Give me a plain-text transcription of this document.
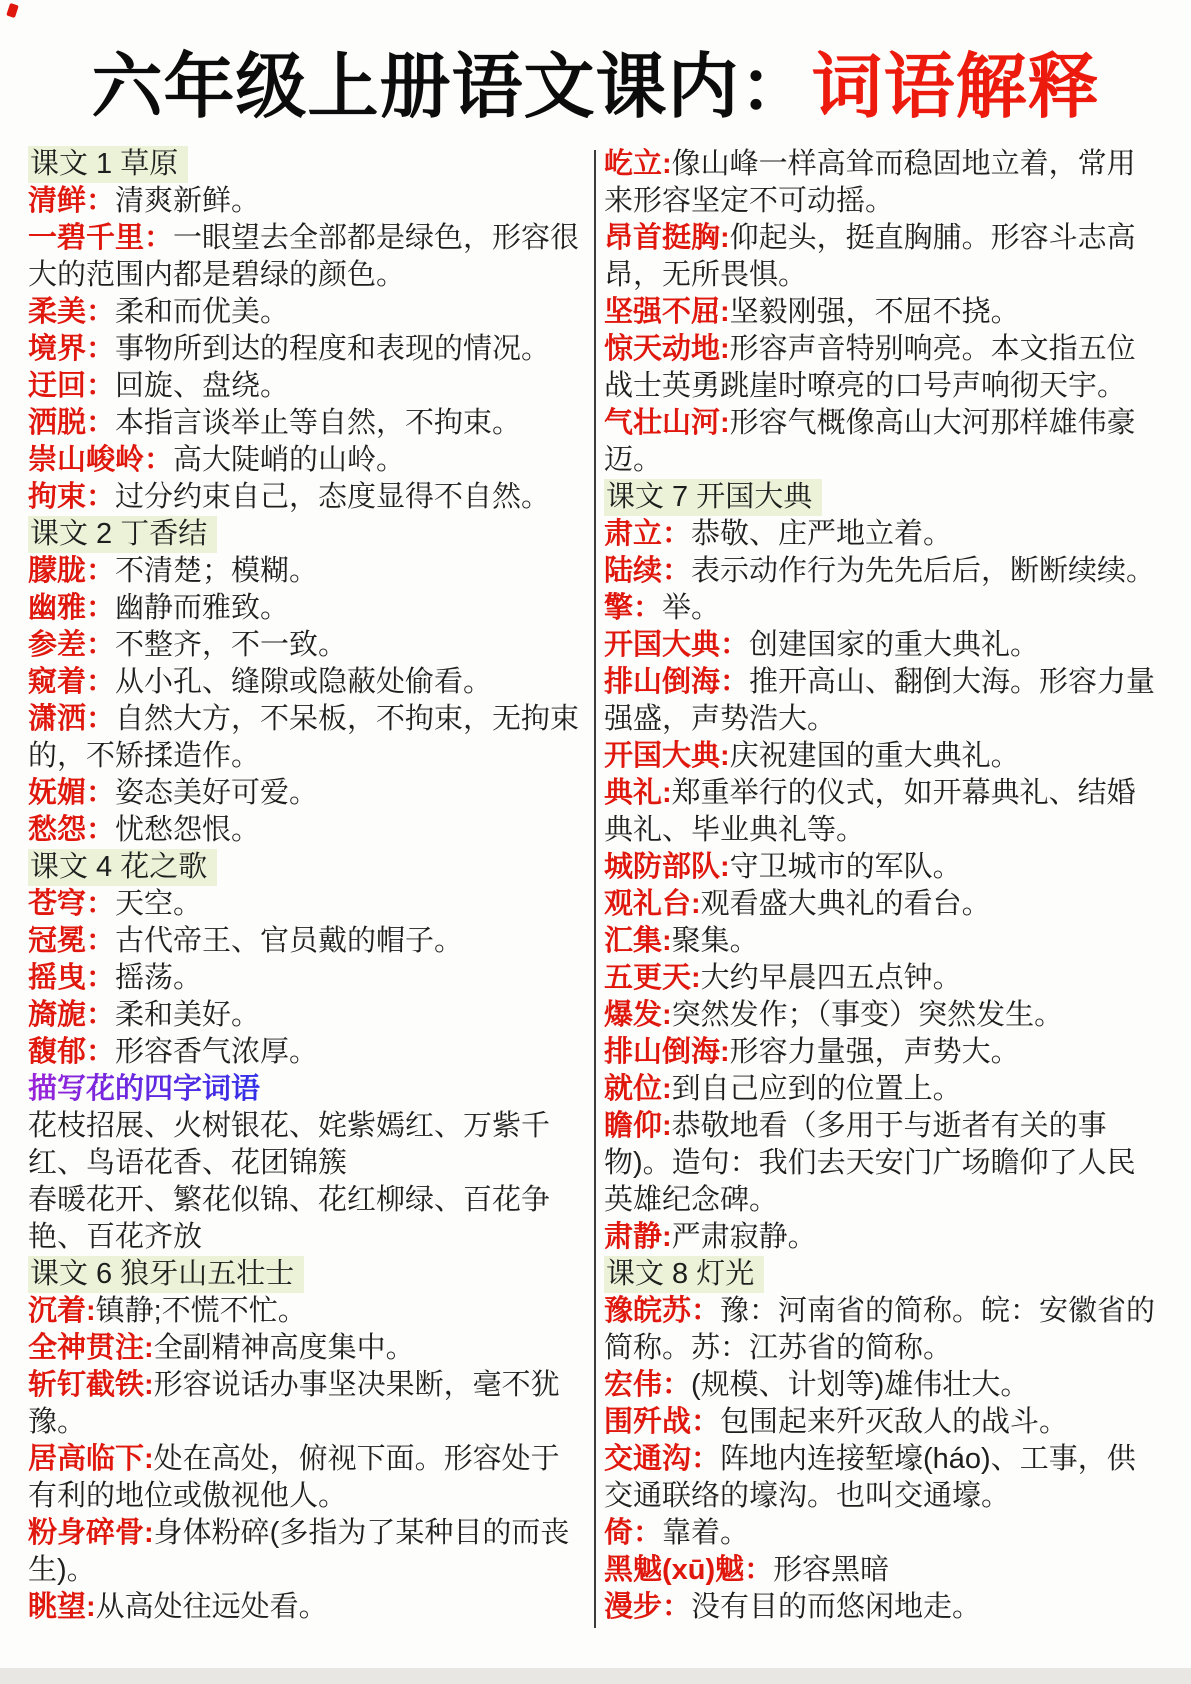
六年级上册语文课内：词语解释

课文 1 草原

清鲜：清爽新鲜。

一碧千里：一眼望去全部都是绿色，形容很大的范围内都是碧绿的颜色。

柔美：柔和而优美。

境界：事物所到达的程度和表现的情况。

迂回：回旋、盘绕。

洒脱：本指言谈举止等自然，不拘束。

崇山峻岭：高大陡峭的山岭。

拘束：过分约束自己，态度显得不自然。

课文 2 丁香结

朦胧：不清楚；模糊。

幽雅：幽静而雅致。

参差：不整齐，不一致。

窥着：从小孔、缝隙或隐蔽处偷看。

潇洒：自然大方，不呆板，不拘束，无拘束的，不矫揉造作。

妩媚：姿态美好可爱。

愁怨：忧愁怨恨。

课文 4 花之歌

苍穹：天空。

冠冕：古代帝王、官员戴的帽子。

摇曳：摇荡。

旖旎：柔和美好。

馥郁：形容香气浓厚。

描写花的四字词语

花枝招展、火树银花、姹紫嫣红、万紫千红、鸟语花香、花团锦簇

春暖花开、繁花似锦、花红柳绿、百花争艳、百花齐放

课文 6 狼牙山五壮士

沉着:镇静;不慌不忙。

全神贯注:全副精神高度集中。

斩钉截铁:形容说话办事坚决果断，毫不犹豫。

居高临下:处在高处，俯视下面。形容处于有利的地位或傲视他人。

粉身碎骨:身体粉碎(多指为了某种目的而丧生)。

眺望:从高处往远处看。

屹立:像山峰一样高耸而稳固地立着，常用来形容坚定不可动摇。

昂首挺胸:仰起头，挺直胸脯。形容斗志高昂，无所畏惧。

坚强不屈:坚毅刚强，不屈不挠。

惊天动地:形容声音特别响亮。本文指五位战士英勇跳崖时嘹亮的口号声响彻天宇。

气壮山河:形容气概像高山大河那样雄伟豪迈。

课文 7 开国大典

肃立：恭敬、庄严地立着。

陆续：表示动作行为先先后后，断断续续。

擎：举。

开国大典：创建国家的重大典礼。

排山倒海：推开高山、翻倒大海。形容力量强盛，声势浩大。

开国大典:庆祝建国的重大典礼。

典礼:郑重举行的仪式，如开幕典礼、结婚典礼、毕业典礼等。

城防部队:守卫城市的军队。

观礼台:观看盛大典礼的看台。

汇集:聚集。

五更天:大约早晨四五点钟。

爆发:突然发作；（事变）突然发生。

排山倒海:形容力量强，声势大。

就位:到自己应到的位置上。

瞻仰:恭敬地看（多用于与逝者有关的事物)。造句：我们去天安门广场瞻仰了人民英雄纪念碑。

肃静:严肃寂静。

课文 8 灯光

豫皖苏：豫：河南省的简称。皖：安徽省的简称。苏：江苏省的简称。

宏伟：(规模、计划等)雄伟壮大。

围歼战：包围起来歼灭敌人的战斗。

交通沟：阵地内连接堑壕(háo)、工事，供交通联络的壕沟。也叫交通壕。

倚：靠着。

黑魆(xū)魆：形容黑暗

漫步：没有目的而悠闲地走。
